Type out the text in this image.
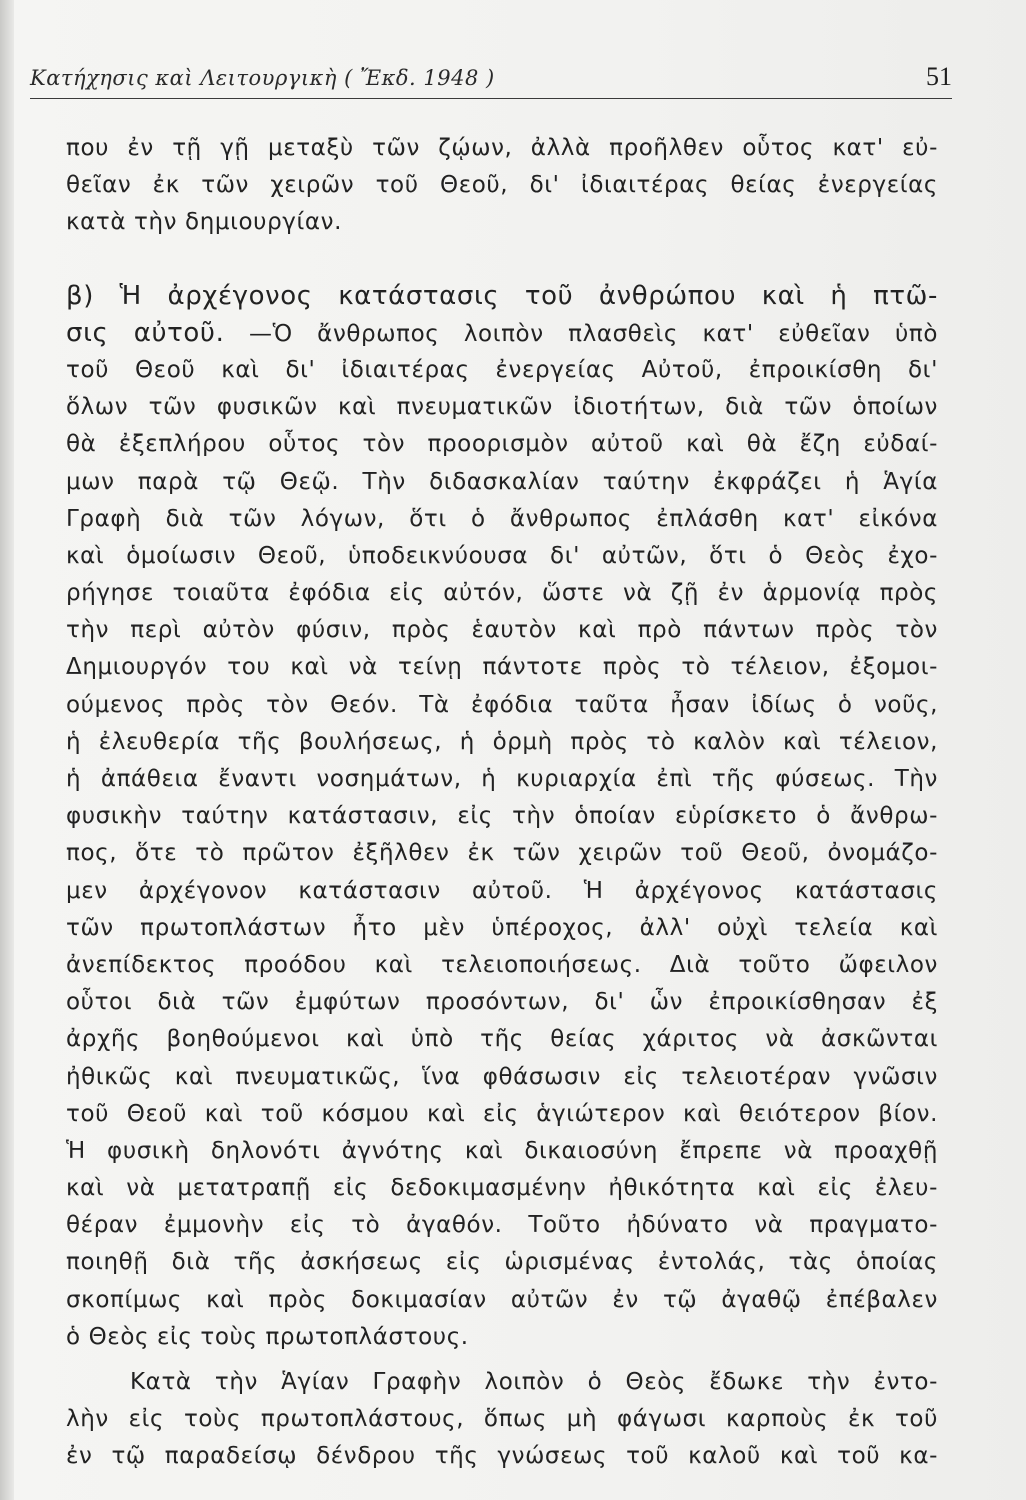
Κατήχησις καὶ Λειτουργικὴ ( Ἔκδ. 1948 )	51
που ἐν τῇ γῇ μεταξὺ τῶν ζῴων, ἀλλὰ προῆλθεν οὗτος κατ' εὐ-
θεῖαν ἐκ τῶν χειρῶν τοῦ Θεοῦ, δι' ἰδιαιτέρας θείας ἐνεργείας
κατὰ τὴν δημιουργίαν.
β) Ἡ ἀρχέγονος κατάστασις τοῦ ἀνθρώπου καὶ ἡ πτῶ-
σις αὐτοῦ. —Ὁ ἄνθρωπος λοιπὸν πλασθεὶς κατ' εὐθεῖαν ὑπὸ
τοῦ Θεοῦ καὶ δι' ἰδιαιτέρας ἐνεργείας Αὐτοῦ, ἐπροικίσθη δι'
ὅλων τῶν φυσικῶν καὶ πνευματικῶν ἰδιοτήτων, διὰ τῶν ὁποίων
θὰ ἐξεπλήρου οὗτος τὸν προορισμὸν αὐτοῦ καὶ θὰ ἔζη εὐδαί-
μων παρὰ τῷ Θεῷ. Τὴν διδασκαλίαν ταύτην ἐκφράζει ἡ Ἁγία
Γραφὴ διὰ τῶν λόγων, ὅτι ὁ ἄνθρωπος ἐπλάσθη κατ' εἰκόνα
καὶ ὁμοίωσιν Θεοῦ, ὑποδεικνύουσα δι' αὐτῶν, ὅτι ὁ Θεὸς ἐχο-
ρήγησε τοιαῦτα ἐφόδια εἰς αὐτόν, ὥστε νὰ ζῇ ἐν ἁρμονίᾳ πρὸς
τὴν περὶ αὐτὸν φύσιν, πρὸς ἑαυτὸν καὶ πρὸ πάντων πρὸς τὸν
Δημιουργόν του καὶ νὰ τείνῃ πάντοτε πρὸς τὸ τέλειον, ἐξομοι-
ούμενος πρὸς τὸν Θεόν. Τὰ ἐφόδια ταῦτα ἦσαν ἰδίως ὁ νοῦς,
ἡ ἐλευθερία τῆς βουλήσεως, ἡ ὁρμὴ πρὸς τὸ καλὸν καὶ τέλειον,
ἡ ἀπάθεια ἔναντι νοσημάτων, ἡ κυριαρχία ἐπὶ τῆς φύσεως. Τὴν
φυσικὴν ταύτην κατάστασιν, εἰς τὴν ὁποίαν εὑρίσκετο ὁ ἄνθρω-
πος, ὅτε τὸ πρῶτον ἐξῆλθεν ἐκ τῶν χειρῶν τοῦ Θεοῦ, ὀνομάζο-
μεν ἀρχέγονον κατάστασιν αὐτοῦ. Ἡ ἀρχέγονος κατάστασις
τῶν πρωτοπλάστων ἦτο μὲν ὑπέροχος, ἀλλ' οὐχὶ τελεία καὶ
ἀνεπίδεκτος προόδου καὶ τελειοποιήσεως. Διὰ τοῦτο ὤφειλον
οὗτοι διὰ τῶν ἐμφύτων προσόντων, δι' ὧν ἐπροικίσθησαν ἐξ
ἀρχῆς βοηθούμενοι καὶ ὑπὸ τῆς θείας χάριτος νὰ ἀσκῶνται
ἠθικῶς καὶ πνευματικῶς, ἵνα φθάσωσιν εἰς τελειοτέραν γνῶσιν
τοῦ Θεοῦ καὶ τοῦ κόσμου καὶ εἰς ἁγιώτερον καὶ θειότερον βίον.
Ἡ φυσικὴ δηλονότι ἀγνότης καὶ δικαιοσύνη ἔπρεπε νὰ προαχθῇ
καὶ νὰ μετατραπῇ εἰς δεδοκιμασμένην ἠθικότητα καὶ εἰς ἐλευ-
θέραν ἐμμονὴν εἰς τὸ ἀγαθόν. Τοῦτο ἠδύνατο νὰ πραγματο-
ποιηθῇ διὰ τῆς ἀσκήσεως εἰς ὡρισμένας ἐντολάς, τὰς ὁποίας
σκοπίμως καὶ πρὸς δοκιμασίαν αὐτῶν ἐν τῷ ἀγαθῷ ἐπέβαλεν
ὁ Θεὸς εἰς τοὺς πρωτοπλάστους.
Κατὰ τὴν Ἁγίαν Γραφὴν λοιπὸν ὁ Θεὸς ἔδωκε τὴν ἐντο-
λὴν εἰς τοὺς πρωτοπλάστους, ὅπως μὴ φάγωσι καρποὺς ἐκ τοῦ
ἐν τῷ παραδείσῳ δένδρου τῆς γνώσεως τοῦ καλοῦ καὶ τοῦ κα-
